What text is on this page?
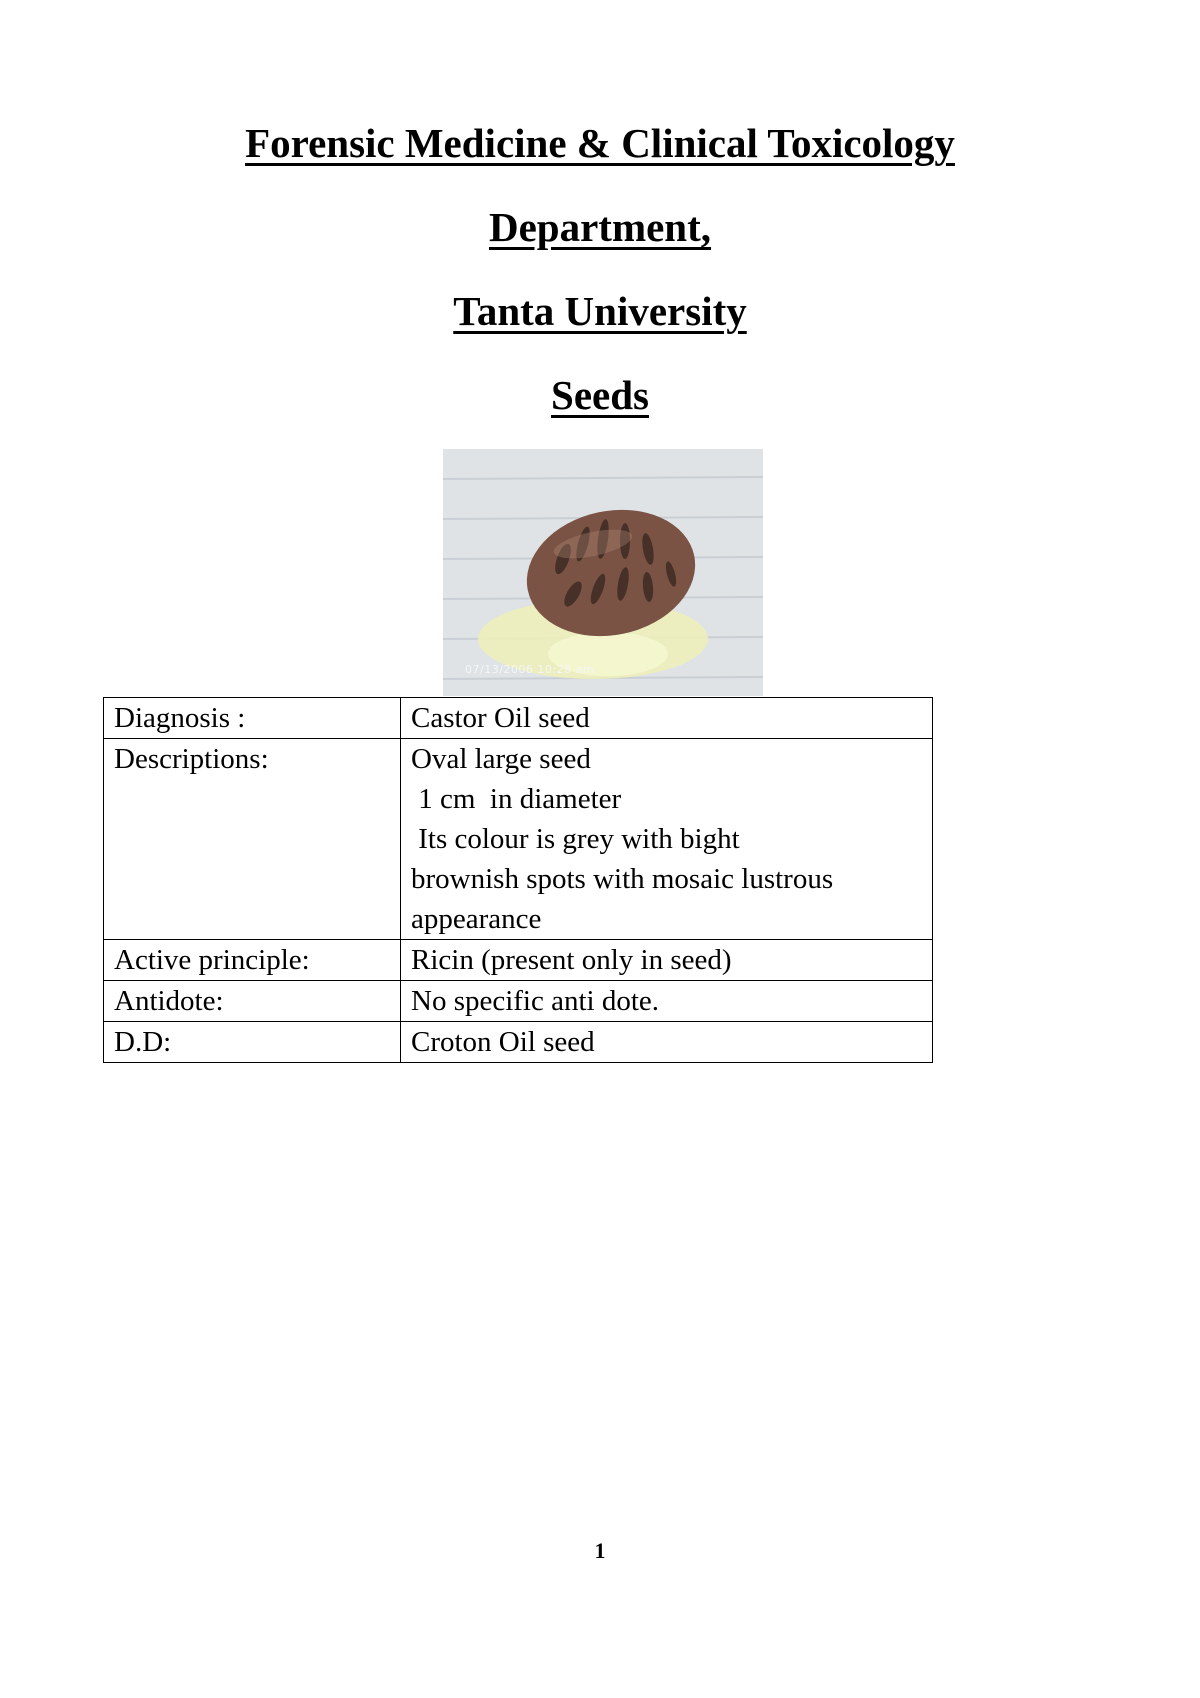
Forensic Medicine & Clinical Toxicology
Department,
Tanta University
Seeds
07/13/2006 10:28 am
Diagnosis :	Castor Oil seed

Descriptions:	Oval large seed
1 cm  in diameter
Its colour is grey with bight
brownish spots with mosaic lustrous
appearance

Active principle:	Ricin (present only in seed)

Antidote:	No specific anti dote.

D.D:	Croton Oil seed
1
